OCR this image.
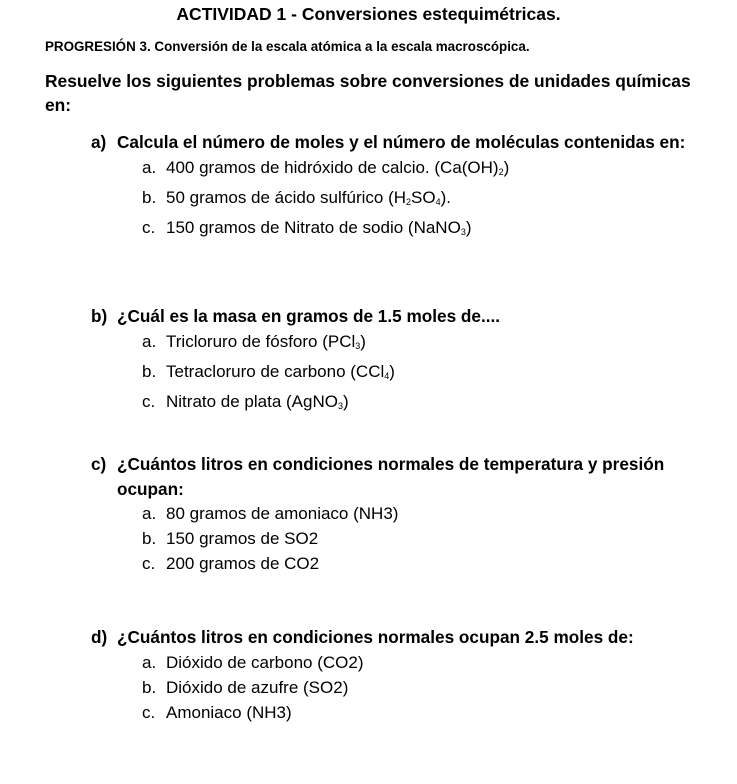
ACTIVIDAD 1 - Conversiones estequimétricas.
PROGRESIÓN 3. Conversión de la escala atómica a la escala macroscópica.
Resuelve los siguientes problemas sobre conversiones de unidades químicas en:
a) Calcula el número de moles y el número de moléculas contenidas en:
a. 400 gramos de hidróxido de calcio. $(Ca(OH)_2)$
b. 50 gramos de ácido sulfúrico $(H_2SO_4)$.
c. 150 gramos de Nitrato de sodio (NaNO$_3$)
b) ¿Cuál es la masa en gramos de 1.5 moles de....
a. Tricloruro de fósforo (PCl$_3$)
b. Tetracloruro de carbono (CCl$_4$)
c. Nitrato de plata (AgNO$_3$)
c) ¿Cuántos litros en condiciones normales de temperatura y presión ocupan:
a. 80 gramos de amoniaco (NH3)
b. 150 gramos de SO2
c. 200 gramos de CO2
d) ¿Cuántos litros en condiciones normales ocupan 2.5 moles de:
a. Dióxido de carbono (CO2)
b. Dióxido de azufre (SO2)
c. Amoniaco (NH3)
